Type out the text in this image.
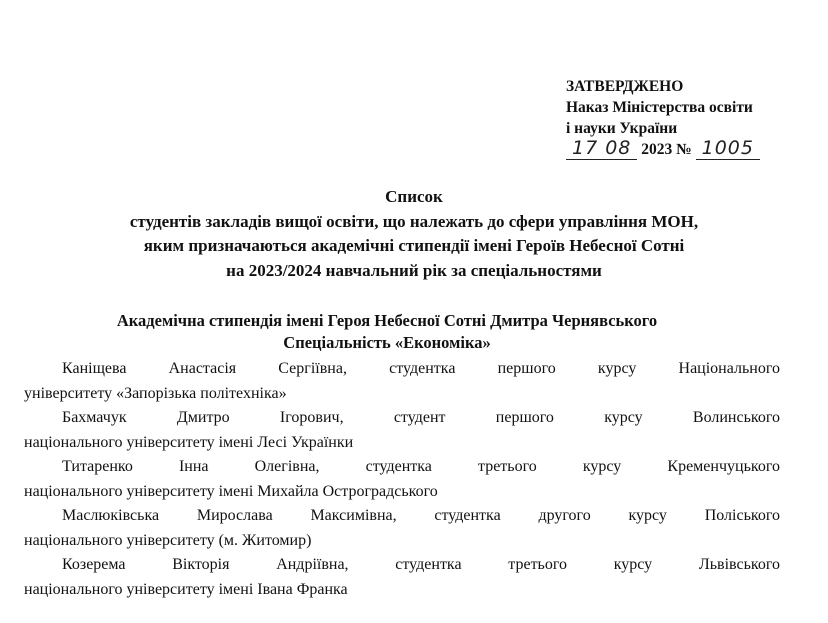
ЗАТВЕРДЖЕНО
Наказ Міністерства освіти
і науки України
17 08 2023 № 1005
Список
студентів закладів вищої освіти, що належать до сфери управління МОН,
яким призначаються академічні стипендії імені Героїв Небесної Сотні
на 2023/2024 навчальний рік за спеціальностями
Академічна стипендія імені Героя Небесної Сотні Дмитра Чернявського
Спеціальність «Економіка»

Каніщева Анастасія Сергіївна, студентка першого курсу Національного
університету «Запорізька політехніка»

Бахмачук Дмитро Ігорович, студент першого курсу Волинського
національного університету імені Лесі Українки

Титаренко Інна Олегівна, студентка третього курсу Кременчуцького
національного університету імені Михайла Остроградського

Маслюківська Мирослава Максимівна, студентка другого курсу Поліського
національного університету (м. Житомир)

Козерема Вікторія Андріївна, студентка третього курсу Львівського
національного університету імені Івана Франка
